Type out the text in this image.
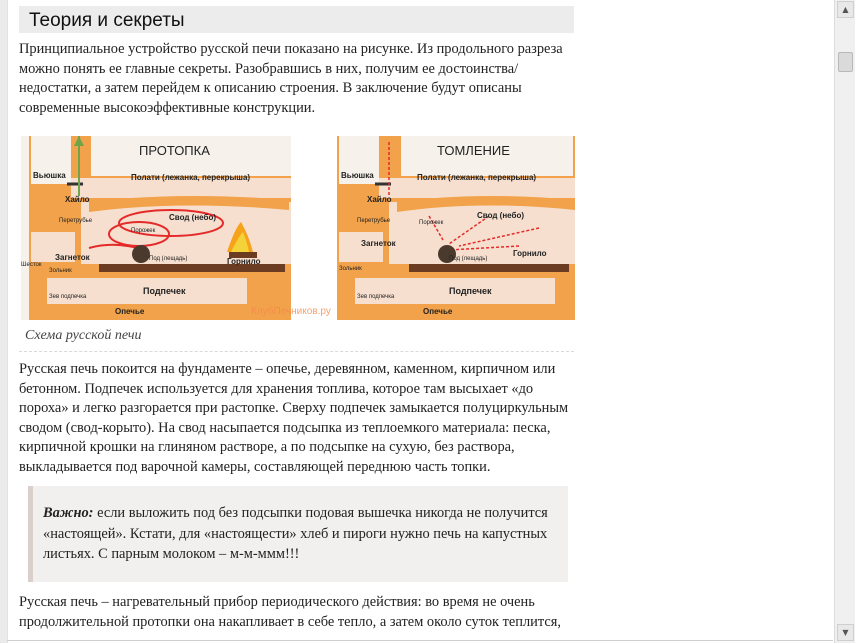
Теория и секреты

Принципиальное устройство русской печи показано на рисунке. Из продольного разреза можно понять ее главные секреты. Разобравшись в них, получим ее достоинства/недостатки, а затем перейдем к описанию строения. В заключение будут описаны современные высокоэффективные конструкции.

ПРОТОПКА
Вьюшка	Полати (лежанка, перекрыша)
Хайло
Свод (небо)
Перетрубье
Порожек
Загнеток	Под (лещадь)	Горнило
Шесток
Зольник
Зев подпечка
Подпечек
Опечье	КлубПечников.ру
ТОМЛЕНИЕ
Вьюшка	Полати (лежанка, перекрыша)
Хайло
Свод (небо)
Перетрубье	Порожек
Загнеток
Под (лещадь)
Горнило
Зольник
Зев подпечка
Подпечек
Опечье
Схема русской печи

Русская печь покоится на фундаменте – опечье, деревянном, каменном, кирпичном или бетонном. Подпечек используется для хранения топлива, которое там высыхает «до пороха» и легко разгорается при растопке. Сверху подпечек замыкается полуциркульным сводом (свод-корыто). На свод насыпается подсыпка из теплоемкого материала: песка, кирпичной крошки на глиняном растворе, а по подсыпке на сухую, без раствора, выкладывается под варочной камеры, составляющей переднюю часть топки.

Важно: если выложить под без подсыпки подовая вышечка никогда не получится «настоящей». Кстати, для «настоящести» хлеб и пироги нужно печь на капустных листьях. С парным молоком – м-м-ммм!!!

Русская печь – нагревательный прибор периодического действия: во время не очень продолжительной протопки она накапливает в себе тепло, а затем около суток теплится,

▲
▼
